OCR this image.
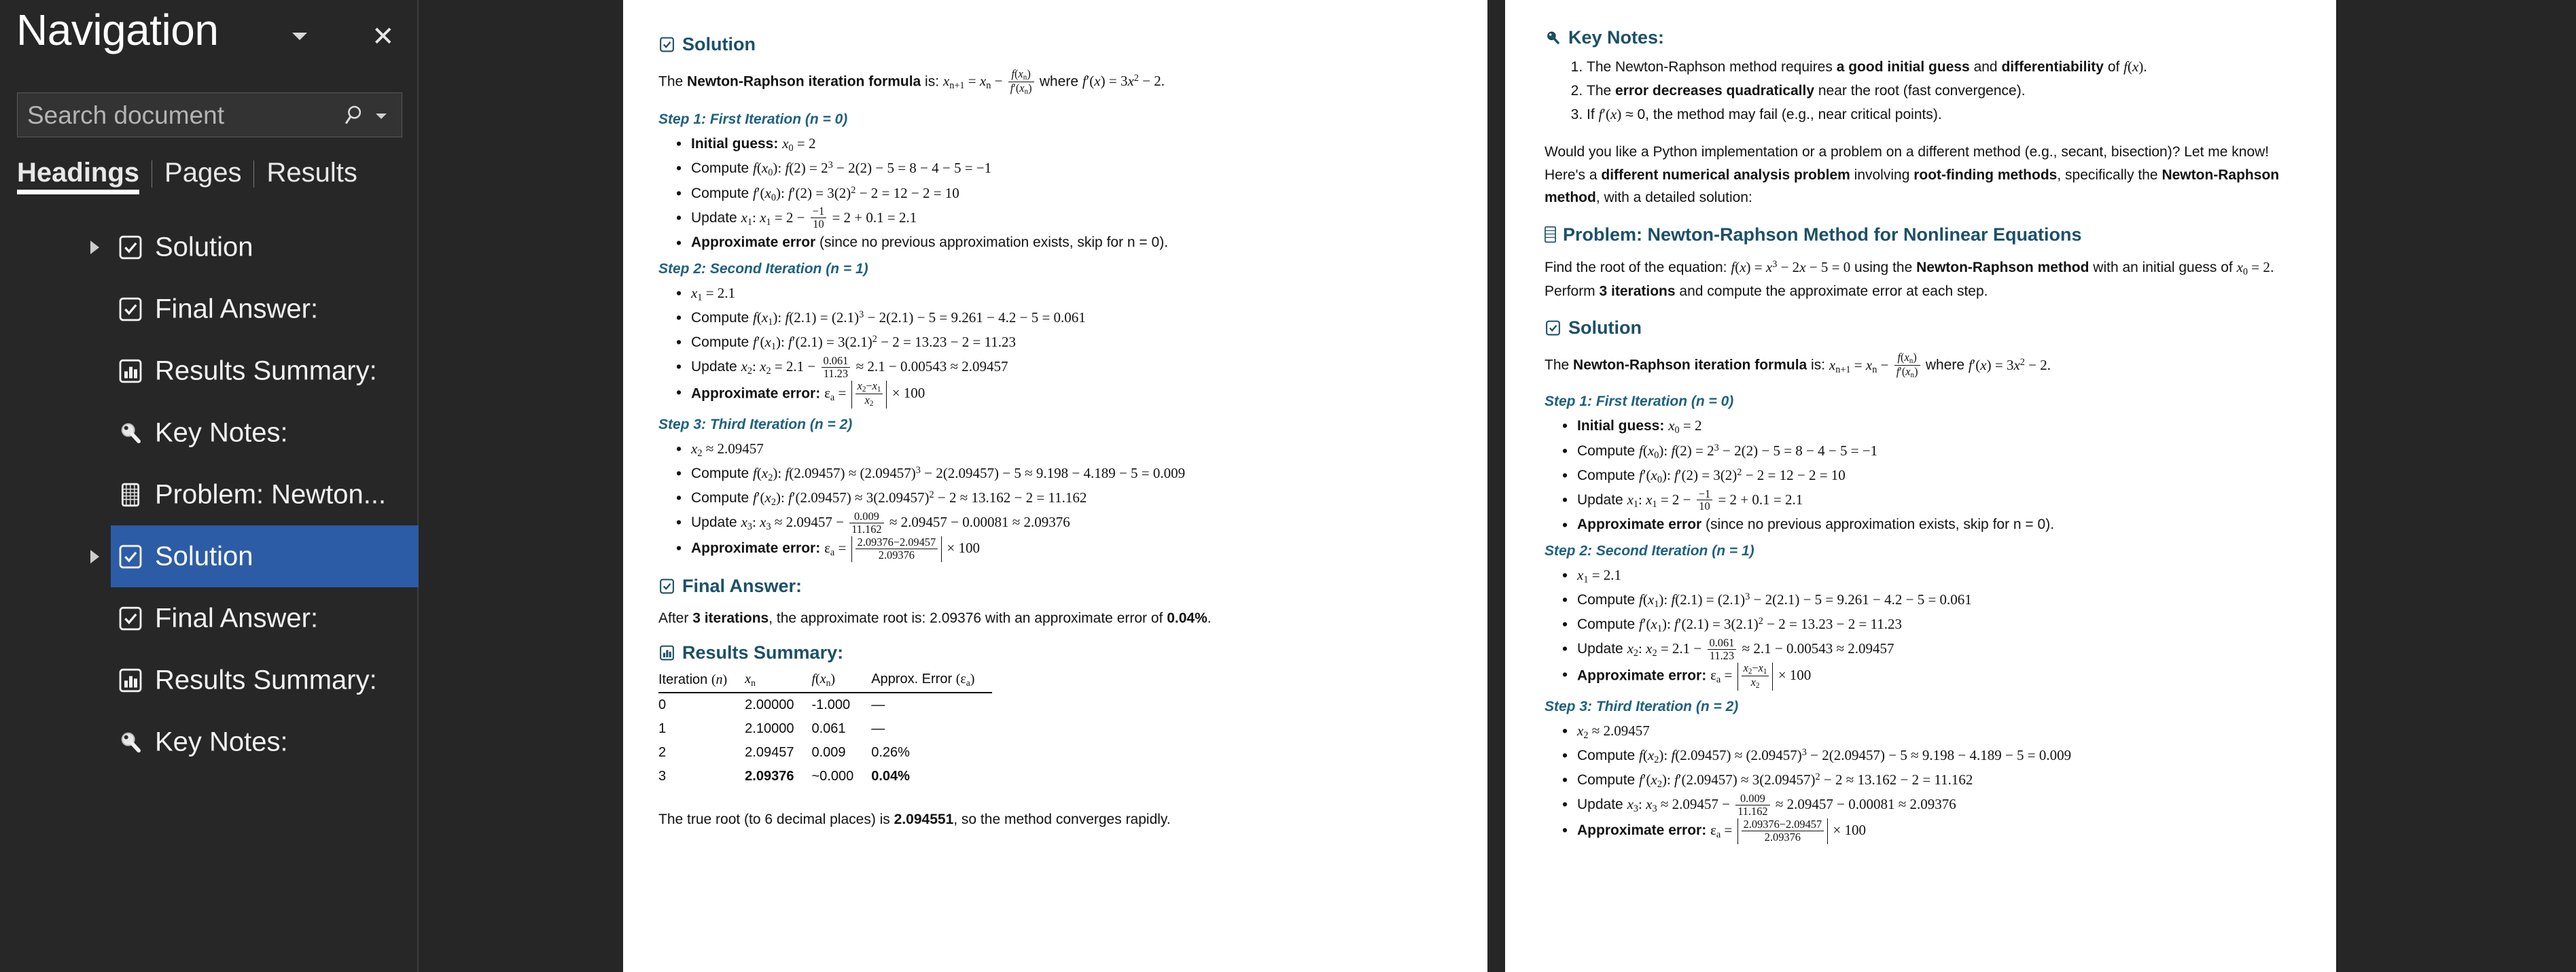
Navigation	✕
Search document
Headings Pages Results
Solution
Final Answer:
Results Summary:
Key Notes:
Problem: Newton...
Solution
Final Answer:
Results Summary:
Key Notes:
Solution
The Newton-Raphson iteration formula is: $x_{n+1} = x_n - \frac{f(x_n)}{f'(x_n)}$ where $f'(x) = 3x^2 - 2$.
Step 1: First Iteration (n = 0)
• Initial guess: $x_0 = 2$
• Compute $f(x_0)$: $f(2) = 2^3 - 2(2) - 5 = 8 - 4 - 5 = -1$
• Compute $f'(x_0)$: $f'(2) = 3(2)^2 - 2 = 12 - 2 = 10$
• Update $x_1$: $x_1 = 2 - \frac{-1}{10} = 2 + 0.1 = 2.1$
• Approximate error (since no previous approximation exists, skip for n = 0).
Step 2: Second Iteration (n = 1)
• $x_1 = 2.1$
• Compute $f(x_1)$: $f(2.1) = (2.1)^3 - 2(2.1) - 5 = 9.261 - 4.2 - 5 = 0.061$
• Compute $f'(x_1)$: $f'(2.1) = 3(2.1)^2 - 2 = 13.23 - 2 = 11.23$
• Update $x_2$: $x_2 = 2.1 - \frac{0.061}{11.23} \approx 2.1 - 0.00543 \approx 2.09457$
• Approximate error: $\varepsilon_a = \frac{x_2-x_1}{x_2} \times 100$
Step 3: Third Iteration (n = 2)
• $x_2 \approx 2.09457$
• Compute $f(x_2)$: $f(2.09457) \approx (2.09457)^3 - 2(2.09457) - 5 \approx 9.198 - 4.189 - 5 = 0.009$
• Compute $f'(x_2)$: $f'(2.09457) \approx 3(2.09457)^2 - 2 \approx 13.162 - 2 = 11.162$
• Update $x_3$: $x_3 \approx 2.09457 - \frac{0.009}{11.162} \approx 2.09457 - 0.00081 \approx 2.09376$
• Approximate error: $\varepsilon_a = \frac{2.09376-2.09457}{2.09376} \times 100$
Final Answer:
After 3 iterations, the approximate root is: 2.09376 with an approximate error of 0.04%.
Results Summary:
Iteration (n)	$x_n$	$f(x_n)$	Approx. Error $(\varepsilon_a)$
0	2.00000	-1.000	—
1	2.10000	0.061	—
2	2.09457	0.009	0.26%
3	2.09376	~0.000	0.04%
The true root (to 6 decimal places) is 2.094551, so the method converges rapidly.
Key Notes:
1. The Newton-Raphson method requires a good initial guess and differentiability of f(x).
2. The error decreases quadratically near the root (fast convergence).
3. If f′(x) ≈ 0, the method may fail (e.g., near critical points).
Would you like a Python implementation or a problem on a different method (e.g., secant, bisection)? Let me know! Here's a different numerical analysis problem involving root-finding methods, specifically the Newton-Raphson method, with a detailed solution:
Problem: Newton-Raphson Method for Nonlinear Equations
Find the root of the equation: $f(x) = x^3 - 2x - 5 = 0$ using the Newton-Raphson method with an initial guess of $x_0 = 2$. Perform 3 iterations and compute the approximate error at each step.
Solution
The Newton-Raphson iteration formula is: $x_{n+1} = x_n - \frac{f(x_n)}{f'(x_n)}$ where $f'(x) = 3x^2 - 2$.
Step 1: First Iteration (n = 0)
• Initial guess: $x_0 = 2$
• Compute $f(x_0)$: $f(2) = 2^3 - 2(2) - 5 = 8 - 4 - 5 = -1$
• Compute $f'(x_0)$: $f'(2) = 3(2)^2 - 2 = 12 - 2 = 10$
• Update $x_1$: $x_1 = 2 - \frac{-1}{10} = 2 + 0.1 = 2.1$
• Approximate error (since no previous approximation exists, skip for n = 0).
Step 2: Second Iteration (n = 1)
• $x_1 = 2.1$
• Compute $f(x_1)$: $f(2.1) = (2.1)^3 - 2(2.1) - 5 = 9.261 - 4.2 - 5 = 0.061$
• Compute $f'(x_1)$: $f'(2.1) = 3(2.1)^2 - 2 = 13.23 - 2 = 11.23$
• Update $x_2$: $x_2 = 2.1 - \frac{0.061}{11.23} \approx 2.1 - 0.00543 \approx 2.09457$
• Approximate error: $\varepsilon_a = \frac{x_2-x_1}{x_2} \times 100$
Step 3: Third Iteration (n = 2)
• $x_2 \approx 2.09457$
• Compute $f(x_2)$: $f(2.09457) \approx (2.09457)^3 - 2(2.09457) - 5 \approx 9.198 - 4.189 - 5 = 0.009$
• Compute $f'(x_2)$: $f'(2.09457) \approx 3(2.09457)^2 - 2 \approx 13.162 - 2 = 11.162$
• Update $x_3$: $x_3 \approx 2.09457 - \frac{0.009}{11.162} \approx 2.09457 - 0.00081 \approx 2.09376$
• Approximate error: $\varepsilon_a = \frac{2.09376-2.09457}{2.09376} \times 100$
